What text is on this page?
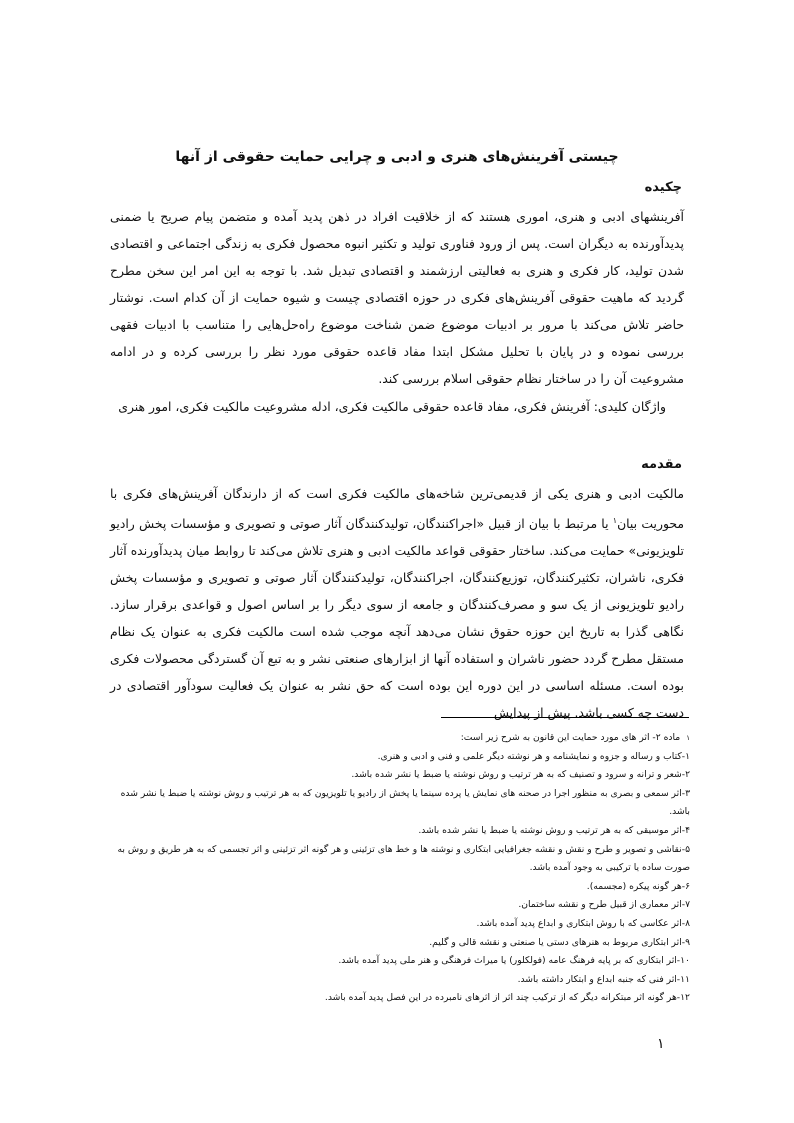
چیستی آفرینش‌های هنری و ادبی و چرایی حمایت حقوقی از آنها
چکیده

آفرینشهای ادبی و هنری، اموری هستند که از خلاقیت افراد در ذهن پدید آمده و متضمن پیام صریح یا ضمنی پدیدآورنده به دیگران است. پس از ورود فناوری تولید و تکثیر انبوه محصول فکری به زندگی اجتماعی و اقتصادی شدن تولید، کار فکری و هنری به فعالیتی ارزشمند و اقتصادی تبدیل شد. با توجه به این امر این سخن مطرح گردید که ماهیت حقوقی آفرینش‌های فکری در حوزه اقتصادی چیست و شیوه حمایت از آن کدام است. نوشتار حاضر تلاش می‌کند با مرور بر ادبیات موضوع ضمن شناخت موضوع راه‌حل‌هایی را متناسب با ادبیات فقهی بررسی نموده و در پایان با تحلیل مشکل ابتدا مفاد قاعده حقوقی مورد نظر را بررسی کرده و در ادامه مشروعیت آن را در ساختار نظام حقوقی اسلام بررسی کند.

واژگان کلیدی: آفرینش فکری، مفاد قاعده حقوقی مالکیت فکری، ادله مشروعیت مالکیت فکری، امور هنری
مقدمه

مالکیت ادبی و هنری یکی از قدیمی‌ترین شاخه‌های مالکیت فکری است که از دارندگان آفرینش‌های فکری با محوریت بیان$^۱$ یا مرتبط با بیان از قبیل «اجراکنندگان، تولیدکنندگان آثار صوتی و تصویری و مؤسسات پخش رادیو تلویزیونی» حمایت می‌کند. ساختار حقوقی قواعد مالکیت ادبی و هنری تلاش می‌کند تا روابط میان پدیدآورنده آثار فکری، ناشران، تکثیرکنندگان، توزیع‌کنندگان، اجراکنندگان، تولیدکنندگان آثار صوتی و تصویری و مؤسسات پخش رادیو تلویزیونی از یک سو و مصرف‌کنندگان و جامعه از سوی دیگر را بر اساس اصول و قواعدی برقرار سازد. نگاهی گذرا به تاریخ این حوزه حقوق نشان می‌دهد آنچه موجب شده است مالکیت فکری به عنوان یک نظام مستقل مطرح گردد حضور ناشران و استفاده آنها از ابزارهای صنعتی نشر و به تبع آن گستردگی محصولات فکری بوده است. مسئله اساسی در این دوره این بوده است که حق نشر به عنوان یک فعالیت سودآور اقتصادی در دست چه کسی باشد. پیش از پیدایش

$^۱$ماده ۲- اثر های مورد حمایت این قانون به شرح زیر است:

۱-کتاب و رساله و جزوه و نمایشنامه و هر نوشته دیگر علمی و فنی و ادبی و هنری.

۲-شعر و ترانه و سرود و تصنیف که به هر ترتیب و روش نوشته یا ضبط یا نشر شده باشد.

۳-اثر سمعی و بصری به منظور اجرا در صحنه های نمایش یا پرده سینما یا پخش از رادیو یا تلویزیون که به هر ترتیب و روش نوشته یا ضبط یا نشر شده باشد.

۴-اثر موسیقی که به هر ترتیب و روش نوشته یا ضبط یا نشر شده باشد.

۵-نقاشی و تصویر و طرح و نقش و نقشه جغرافیایی ابتکاری و نوشته ها و خط های تزئینی و هر گونه اثر تزئینی و اثر تجسمی که به هر طریق و روش به صورت ساده یا ترکیبی به وجود آمده باشد.

۶-هر گونه پیکره (مجسمه).

۷-اثر معماری از قبیل طرح و نقشه ساختمان.

۸-اثر عکاسی که با روش ابتکاری و ابداع پدید آمده باشد.

۹-اثر ابتکاری مربوط به هنرهای دستی یا صنعتی و نقشه قالی و گلیم.

۱۰-اثر ابتکاری که بر پایه فرهنگ عامه (فولکلور) یا میراث فرهنگی و هنر ملی پدید آمده باشد.

۱۱-اثر فنی که جنبه ابداع و ابتکار داشته باشد.

۱۲-هر گونه اثر مبتکرانه دیگر که از ترکیب چند اثر از اثرهای نامبرده در این فصل پدید آمده باشد.

۱
